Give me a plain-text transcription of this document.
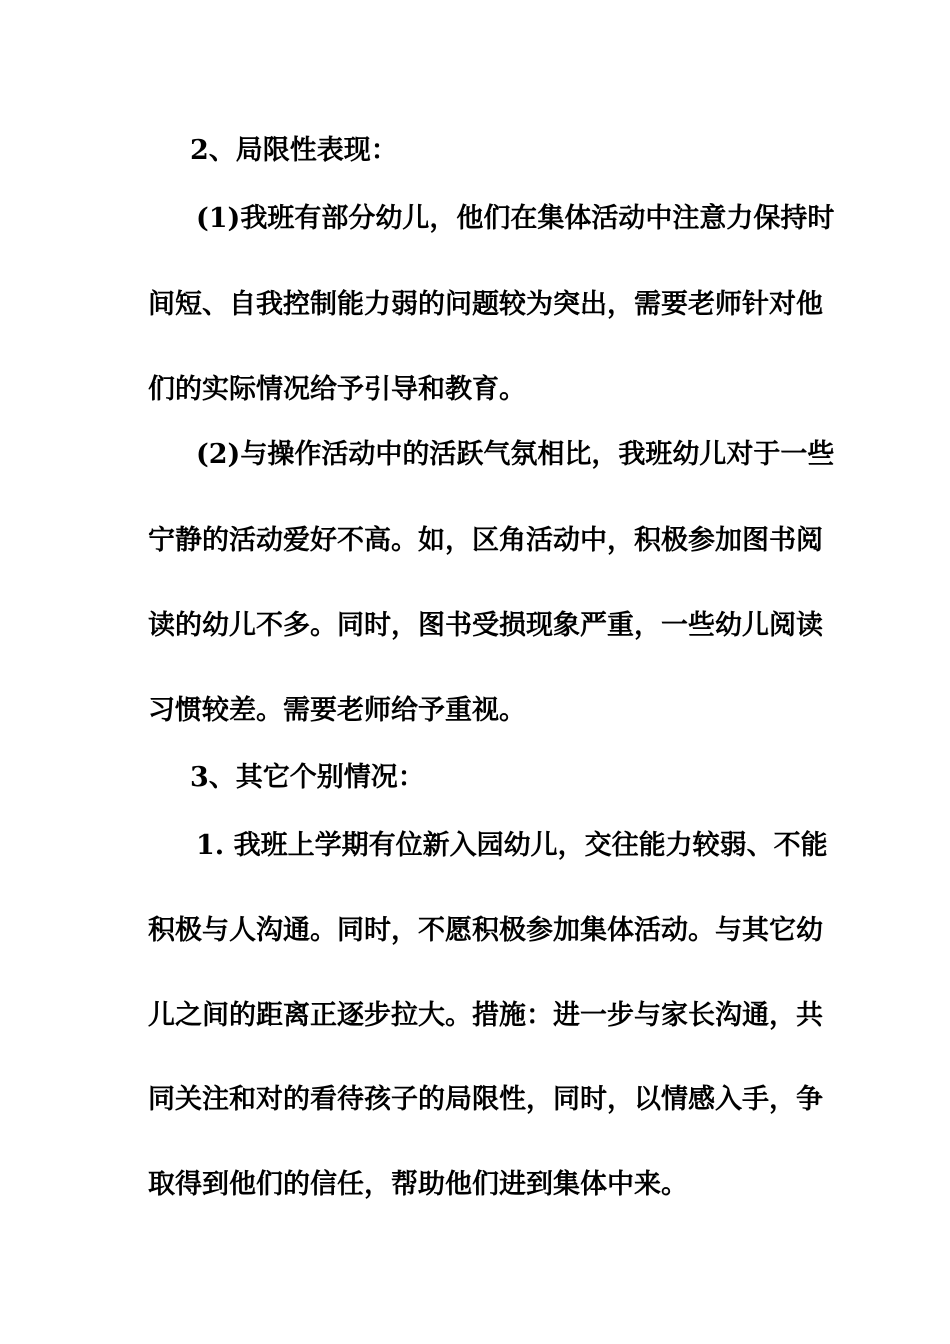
2、局限性表现：
(1)我班有部分幼儿，他们在集体活动中注意力保持时
间短、自我控制能力弱的问题较为突出，需要老师针对他
们的实际情况给予引导和教育。
(2)与操作活动中的活跃气氛相比，我班幼儿对于一些
宁静的活动爱好不高。如，区角活动中，积极参加图书阅
读的幼儿不多。同时，图书受损现象严重，一些幼儿阅读
习惯较差。需要老师给予重视。
3、其它个别情况：
1. 我班上学期有位新入园幼儿，交往能力较弱、不能
积极与人沟通。同时，不愿积极参加集体活动。与其它幼
儿之间的距离正逐步拉大。措施：进一步与家长沟通，共
同关注和对的看待孩子的局限性，同时，以情感入手，争
取得到他们的信任，帮助他们进到集体中来。
